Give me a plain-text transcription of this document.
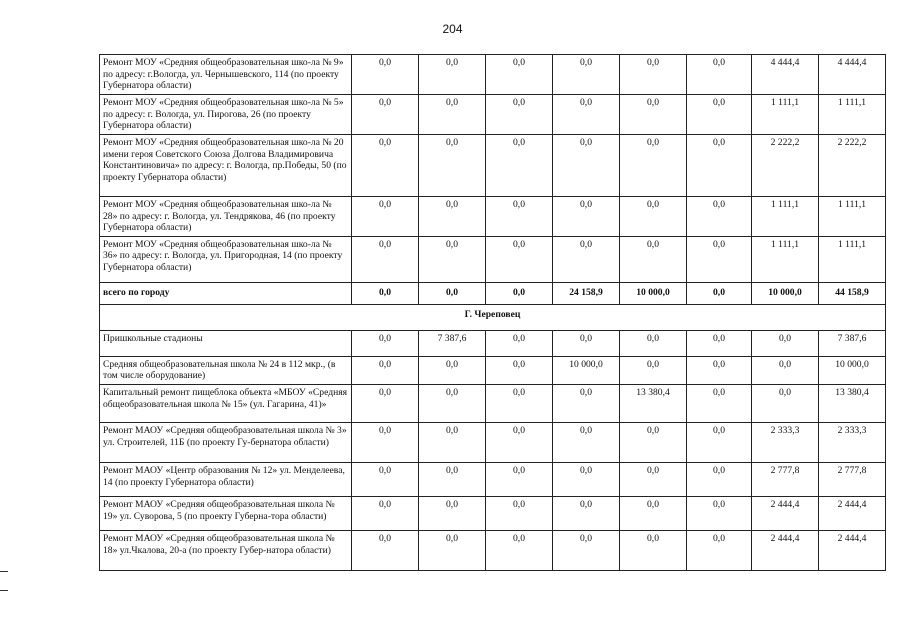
204
Ремонт МОУ «Средняя общеобразовательная шко-ла № 9» по адресу: г.Вологда, ул. Чернышевского, 114 (по проекту Губернатора области)	0,0	0,0	0,0	0,0	0,0	0,0	4 444,4	4 444,4
Ремонт МОУ «Средняя общеобразовательная шко-ла № 5» по адресу: г. Вологда, ул. Пирогова, 26 (по проекту Губернатора области)	0,0	0,0	0,0	0,0	0,0	0,0	1 111,1	1 111,1
Ремонт МОУ «Средняя общеобразовательная шко-ла № 20 имени героя Советского Союза Долгова Владимировича Константиновича» по адресу: г. Вологда, пр.Победы, 50 (по проекту Губернатора области)	0,0	0,0	0,0	0,0	0,0	0,0	2 222,2	2 222,2
Ремонт МОУ «Средняя общеобразовательная шко-ла № 28» по адресу: г. Вологда, ул. Тендрякова, 46 (по проекту Губернатора области)	0,0	0,0	0,0	0,0	0,0	0,0	1 111,1	1 111,1
Ремонт МОУ «Средняя общеобразовательная шко-ла № 36» по адресу: г. Вологда, ул. Пригородная, 14 (по проекту Губернатора области)	0,0	0,0	0,0	0,0	0,0	0,0	1 111,1	1 111,1
всего по городу	0,0	0,0	0,0	24 158,9	10 000,0	0,0	10 000,0	44 158,9
Г. Череповец								
Пришкольные стадионы	0,0	7 387,6	0,0	0,0	0,0	0,0	0,0	7 387,6
Средняя общеобразовательная школа № 24 в 112 мкр., (в том числе оборудование)	0,0	0,0	0,0	10 000,0	0,0	0,0	0,0	10 000,0
Капитальный ремонт пищеблока объекта «МБОУ «Средняя общеобразовательная школа № 15» (ул. Гагарина, 41)»	0,0	0,0	0,0	0,0	13 380,4	0,0	0,0	13 380,4
Ремонт МАОУ «Средняя общеобразовательная школа № 3» ул. Строителей, 11Б (по проекту Гу-бернатора области)	0,0	0,0	0,0	0,0	0,0	0,0	2 333,3	2 333,3
Ремонт МАОУ «Центр образования № 12» ул. Менделеева, 14 (по проекту Губернатора области)	0,0	0,0	0,0	0,0	0,0	0,0	2 777,8	2 777,8
Ремонт МАОУ «Средняя общеобразовательная школа № 19» ул. Суворова, 5 (по проекту Губерна-тора области)	0,0	0,0	0,0	0,0	0,0	0,0	2 444,4	2 444,4
Ремонт МАОУ «Средняя общеобразовательная школа № 18» ул.Чкалова, 20-а (по проекту Губер-натора области)	0,0	0,0	0,0	0,0	0,0	0,0	2 444,4	2 444,4
